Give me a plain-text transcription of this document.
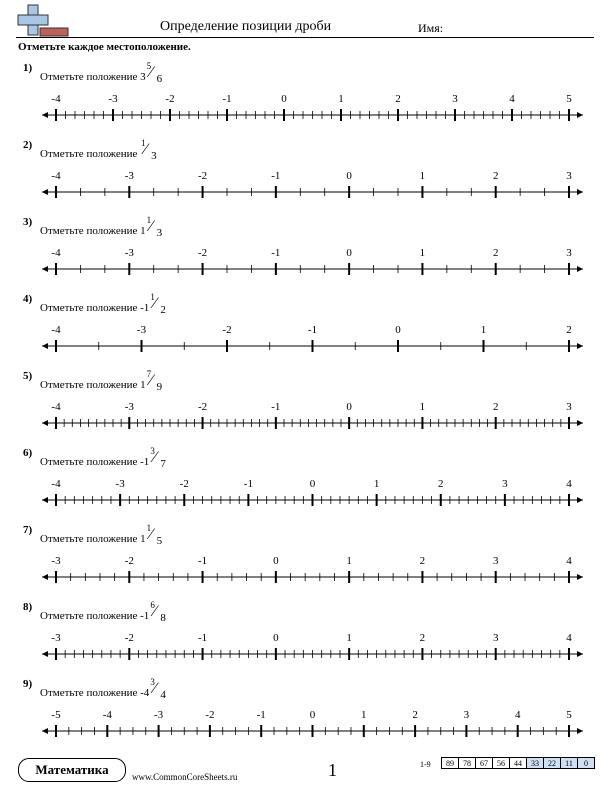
Определение позиции дроби	Имя:
Отметьте каждое местоположение.
1)
Отметьте положение 3
5
⁄ 6
-4	-3	-2	-1	0	1	2	3	4	5
2)
Отметьте положение
1
⁄ 3
-4	-3	-2	-1	0	1	2	3
3)
Отметьте положение 1
1
⁄ 3
-4	-3	-2	-1	0	1	2	3
4)
Отметьте положение -1
1
⁄ 2
-4	-3	-2	-1	0	1	2
5)
Отметьте положение 1
7
⁄ 9
-4	-3	-2	-1	0	1	2	3
6)
Отметьте положение -1
3
⁄ 7
-4	-3	-2	-1	0	1	2	3	4
7)
Отметьте положение 1
1
⁄ 5
-3	-2	-1	0	1	2	3	4
8)
Отметьте положение -1
6
⁄ 8
-3	-2	-1	0	1	2	3	4
9)
Отметьте положение -4
3
⁄ 4
-5	-4	-3	-2	-1	0	1	2	3	4	5
Математика	www.CommonCoreSheets.ru	1	1-9 89	78	67	56	44	33	22	11	0
